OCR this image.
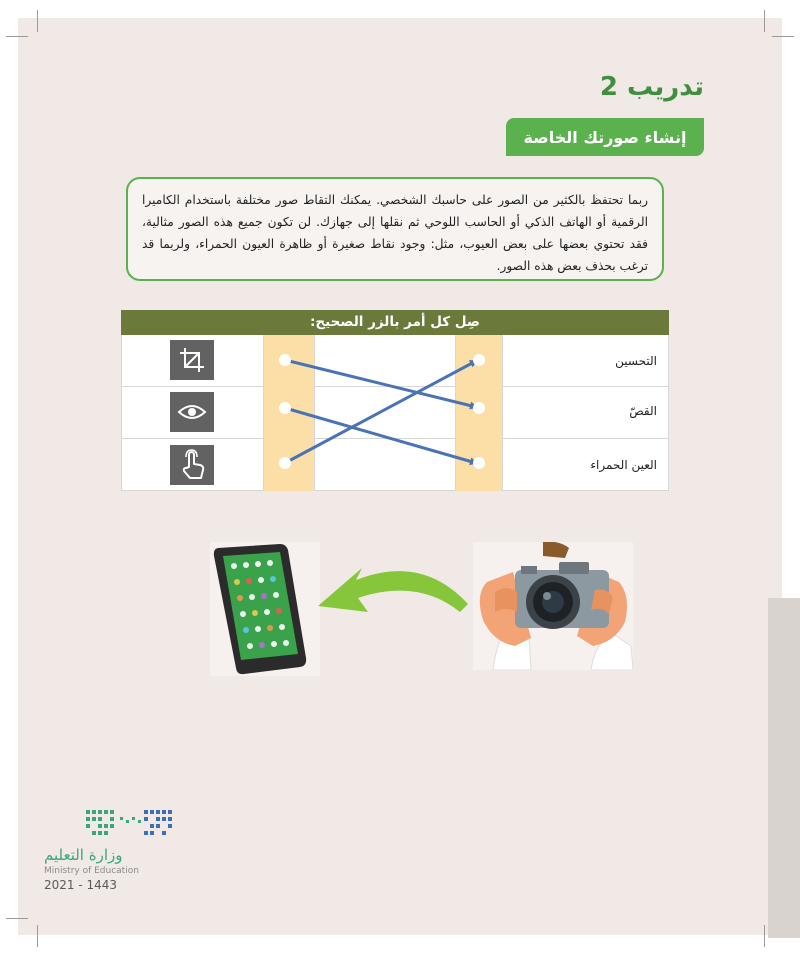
تدريب 2
إنشاء صورتك الخاصة
ربما تحتفظ بالكثير من الصور على حاسبك الشخصي. يمكنك التقاط صور مختلفة باستخدام الكاميرا الرقمية أو الهاتف الذكي أو الحاسب اللوحي ثم نقلها إلى جهازك. لن تكون جميع هذه الصور مثالية، فقد تحتوي بعضها على بعض العيوب، مثل: وجود نقاط صغيرة أو ظاهرة العيون الحمراء، ولربما قد ترغب بحذف بعض هذه الصور.
صِل كل أمر بالزر الصحيح:
التحسين
القصّ
العين الحمراء
وزارة التعليم
Ministry of Education
2021 - 1443
